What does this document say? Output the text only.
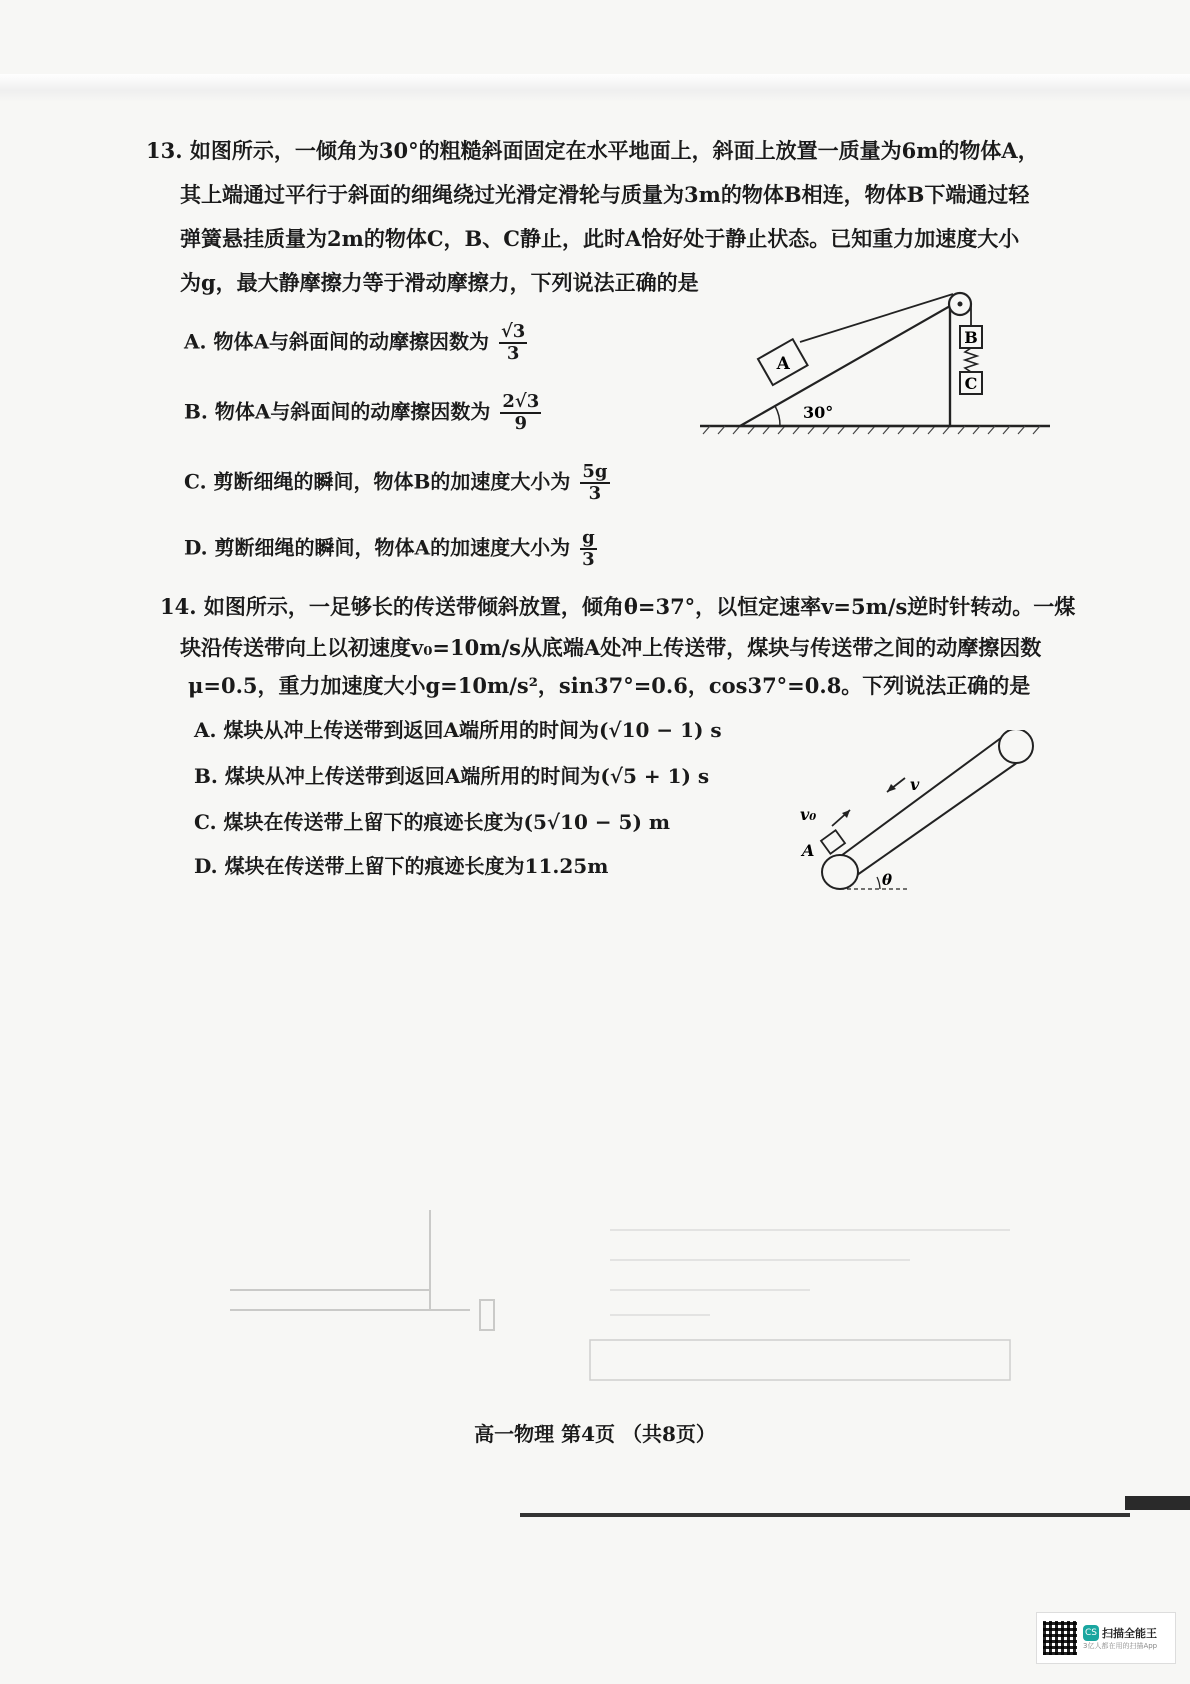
13. 如图所示，一倾角为30°的粗糙斜面固定在水平地面上，斜面上放置一质量为6m的物体A，
其上端通过平行于斜面的细绳绕过光滑定滑轮与质量为3m的物体B相连，物体B下端通过轻
弹簧悬挂质量为2m的物体C，B、C静止，此时A恰好处于静止状态。已知重力加速度大小
为g，最大静摩擦力等于滑动摩擦力，下列说法正确的是
A. 物体A与斜面间的动摩擦因数为 $\frac{√3}{3}$
B. 物体A与斜面间的动摩擦因数为 $\frac{2√3}{9}$
C. 剪断细绳的瞬间，物体B的加速度大小为 $\frac{5g}{3}$
D. 剪断细绳的瞬间，物体A的加速度大小为 $\frac{g}{3}$
A
B
C
30°
14. 如图所示，一足够长的传送带倾斜放置，倾角θ=37°，以恒定速率v=5m/s逆时针转动。一煤
块沿传送带向上以初速度v₀=10m/s从底端A处冲上传送带，煤块与传送带之间的动摩擦因数
μ=0.5，重力加速度大小g=10m/s²，sin37°=0.6，cos37°=0.8。下列说法正确的是
A. 煤块从冲上传送带到返回A端所用的时间为(√10 − 1) s
B. 煤块从冲上传送带到返回A端所用的时间为(√5 + 1) s
C. 煤块在传送带上留下的痕迹长度为(5√10 − 5) m
D. 煤块在传送带上留下的痕迹长度为11.25m
θ
v₀
v
A
高一物理 第4页 （共8页）
CS 扫描全能王
3亿人都在用的扫描App
